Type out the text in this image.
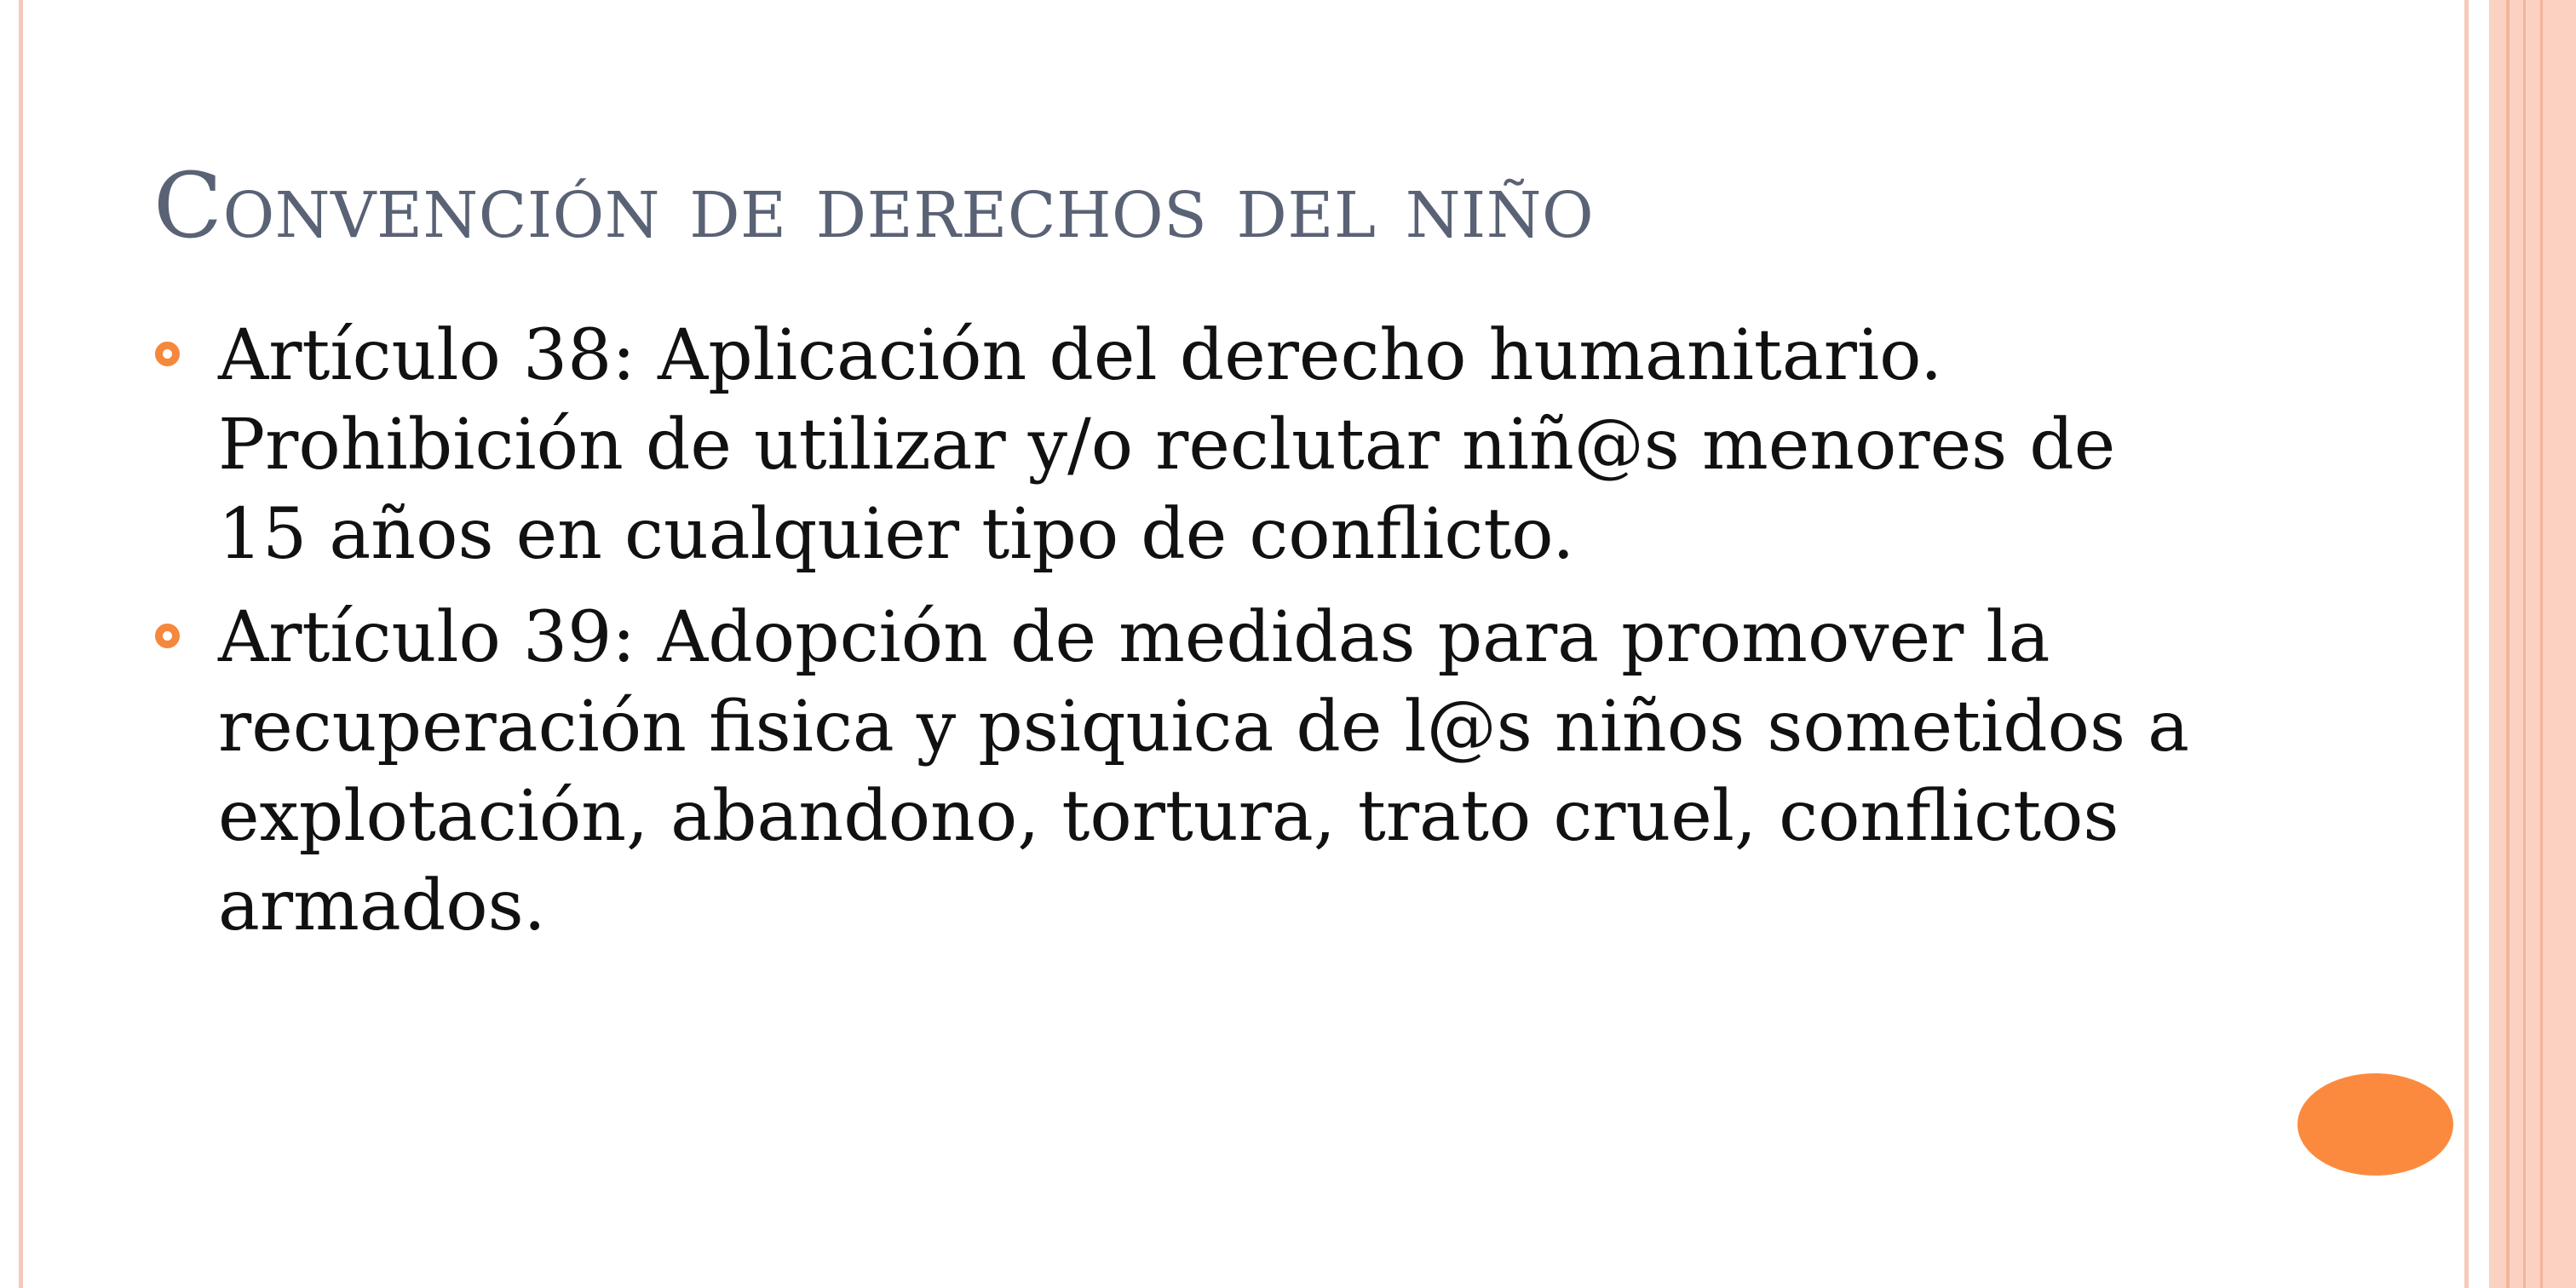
Convención de derechos del niño
Artículo 38: Aplicación del derecho humanitario. Prohibición de utilizar y/o reclutar niñ@s menores de 15 años en cualquier tipo de conflicto.
Artículo 39: Adopción de medidas para promover la recuperación fisica y psiquica de l@s niños sometidos a explotación, abandono, tortura, trato cruel, conflictos armados.
